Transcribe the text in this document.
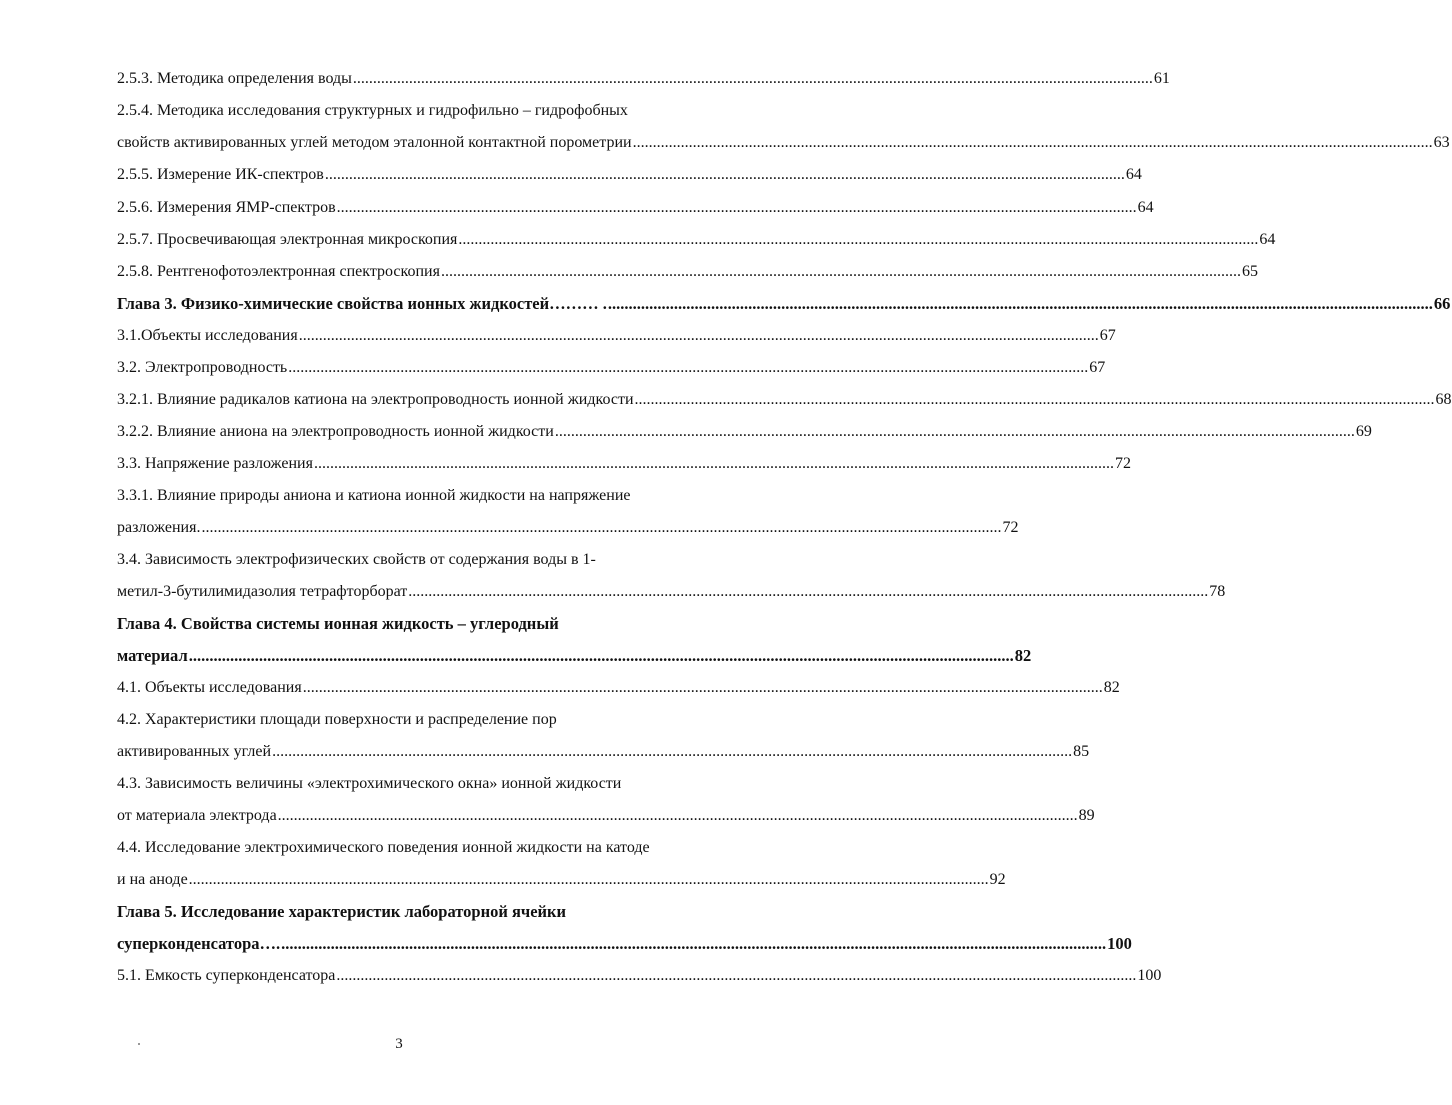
2.5.3. Методика определения воды ........................................................................................................................................................................................................ 61
2.5.4. Методика исследования структурных и гидрофильно – гидрофобных
свойств активированных углей методом эталонной контактной порометрии ........................................................................................................................................................................................................ 63
2.5.5. Измерение ИК-спектров ........................................................................................................................................................................................................ 64
2.5.6. Измерения ЯМР-спектров ........................................................................................................................................................................................................ 64
2.5.7. Просвечивающая электронная микроскопия ........................................................................................................................................................................................................ 64
2.5.8. Рентгенофотоэлектронная спектроскопия ........................................................................................................................................................................................................ 65
Глава 3. Физико-химические свойства ионных жидкостей……… . ........................................................................................................................................................................................................ 66
3.1.Объекты исследования ........................................................................................................................................................................................................ 67
3.2. Электропроводность ........................................................................................................................................................................................................ 67
3.2.1. Влияние радикалов катиона на электропроводность ионной жидкости ........................................................................................................................................................................................................ 68
3.2.2. Влияние аниона на электропроводность ионной жидкости ........................................................................................................................................................................................................ 69
3.3. Напряжение разложения ........................................................................................................................................................................................................ 72
3.3.1. Влияние природы аниона и катиона ионной жидкости на напряжение
разложения. ........................................................................................................................................................................................................ 72
3.4. Зависимость электрофизических свойств от содержания воды в 1-
метил-3-бутилимидазолия тетрафторборат ........................................................................................................................................................................................................ 78
Глава 4. Свойства системы ионная жидкость – углеродный
материал ........................................................................................................................................................................................................ 82
4.1. Объекты исследования ........................................................................................................................................................................................................ 82
4.2. Характеристики площади поверхности и распределение пор
активированных углей ........................................................................................................................................................................................................ 85
4.3. Зависимость величины «электрохимического окна» ионной жидкости
от материала электрода ........................................................................................................................................................................................................ 89
4.4. Исследование электрохимического поведения ионной жидкости на катоде
и на аноде ........................................................................................................................................................................................................ 92
Глава 5. Исследование характеристик лабораторной ячейки
суперконденсатора…. ........................................................................................................................................................................................................ 100
5.1. Емкость суперконденсатора ........................................................................................................................................................................................................ 100
3
